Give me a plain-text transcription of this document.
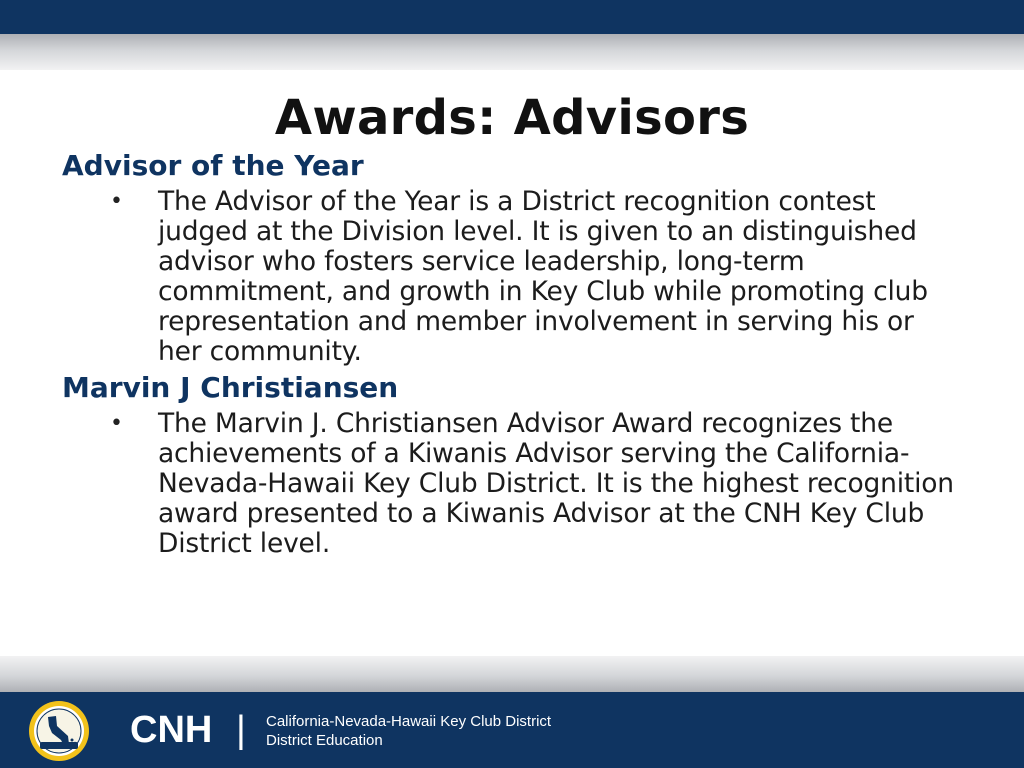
Awards: Advisors

Advisor of the Year

• The Advisor of the Year is a District recognition contest judged at the Division level. It is given to an distinguished advisor who fosters service leadership, long-term commitment, and growth in Key Club while promoting club representation and member involvement in serving his or her community.

Marvin J Christiansen

• The Marvin J. Christiansen Advisor Award recognizes the achievements of a Kiwanis Advisor serving the California-Nevada-Hawaii Key Club District. It is the highest recognition award presented to a Kiwanis Advisor at the CNH Key Club District level.

CNH | California-Nevada-Hawaii Key Club District
District Education
